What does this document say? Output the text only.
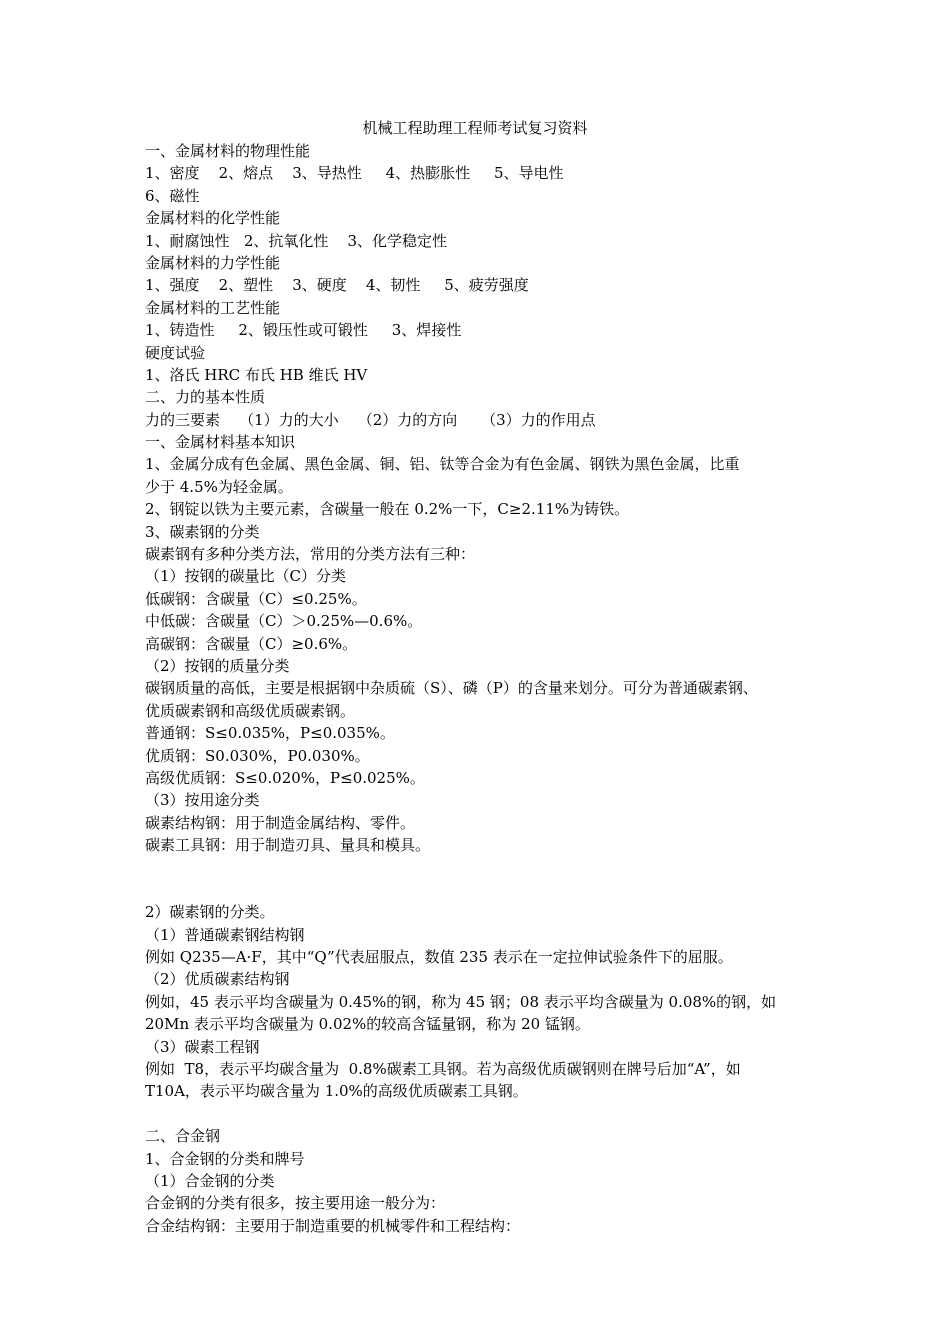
机械工程助理工程师考试复习资料
一、金属材料的物理性能
1、密度    2、熔点    3、导热性     4、热膨胀性     5、导电性
6、磁性
金属材料的化学性能
1、耐腐蚀性   2、抗氧化性    3、化学稳定性
金属材料的力学性能
1、强度    2、塑性    3、硬度    4、韧性     5、疲劳强度
金属材料的工艺性能
1、铸造性     2、锻压性或可锻性     3、焊接性
硬度试验
1、洛氏 HRC 布氏 HB 维氏 HV
二、力的基本性质
力的三要素    （1）力的大小    （2）力的方向     （3）力的作用点
一、金属材料基本知识
1、金属分成有色金属、黑色金属、铜、铝、钛等合金为有色金属、钢铁为黑色金属，比重
少于 4.5%为轻金属。
2、钢锭以铁为主要元素，含碳量一般在 0.2%一下，C≥2.11%为铸铁。
3、碳素钢的分类
碳素钢有多种分类方法，常用的分类方法有三种：
（1）按钢的碳量比（C）分类
低碳钢：含碳量（C）≤0.25%。
中低碳：含碳量（C）＞0.25%—0.6%。
高碳钢：含碳量（C）≥0.6%。
（2）按钢的质量分类
碳钢质量的高低，主要是根据钢中杂质硫（S）、磷（P）的含量来划分。可分为普通碳素钢、
优质碳素钢和高级优质碳素钢。
普通钢：S≤0.035%，P≤0.035%。
优质钢：S0.030%，P0.030%。
高级优质钢：S≤0.020%，P≤0.025%。
（3）按用途分类
碳素结构钢：用于制造金属结构、零件。
碳素工具钢：用于制造刃具、量具和模具。
2）碳素钢的分类。
（1）普通碳素钢结构钢
例如 Q235—A·F，其中“Q”代表屈服点，数值 235 表示在一定拉伸试验条件下的屈服。
（2）优质碳素结构钢
例如，45 表示平均含碳量为 0.45%的钢，称为 45 钢；08 表示平均含碳量为 0.08%的钢，如
20Mn 表示平均含碳量为 0.02%的较高含锰量钢，称为 20 锰钢。
（3）碳素工程钢
例如  T8，表示平均碳含量为  0.8%碳素工具钢。若为高级优质碳钢则在牌号后加“A”，如
T10A，表示平均碳含量为 1.0%的高级优质碳素工具钢。
二、合金钢
1、合金钢的分类和牌号
（1）合金钢的分类
合金钢的分类有很多，按主要用途一般分为：
合金结构钢：主要用于制造重要的机械零件和工程结构：
